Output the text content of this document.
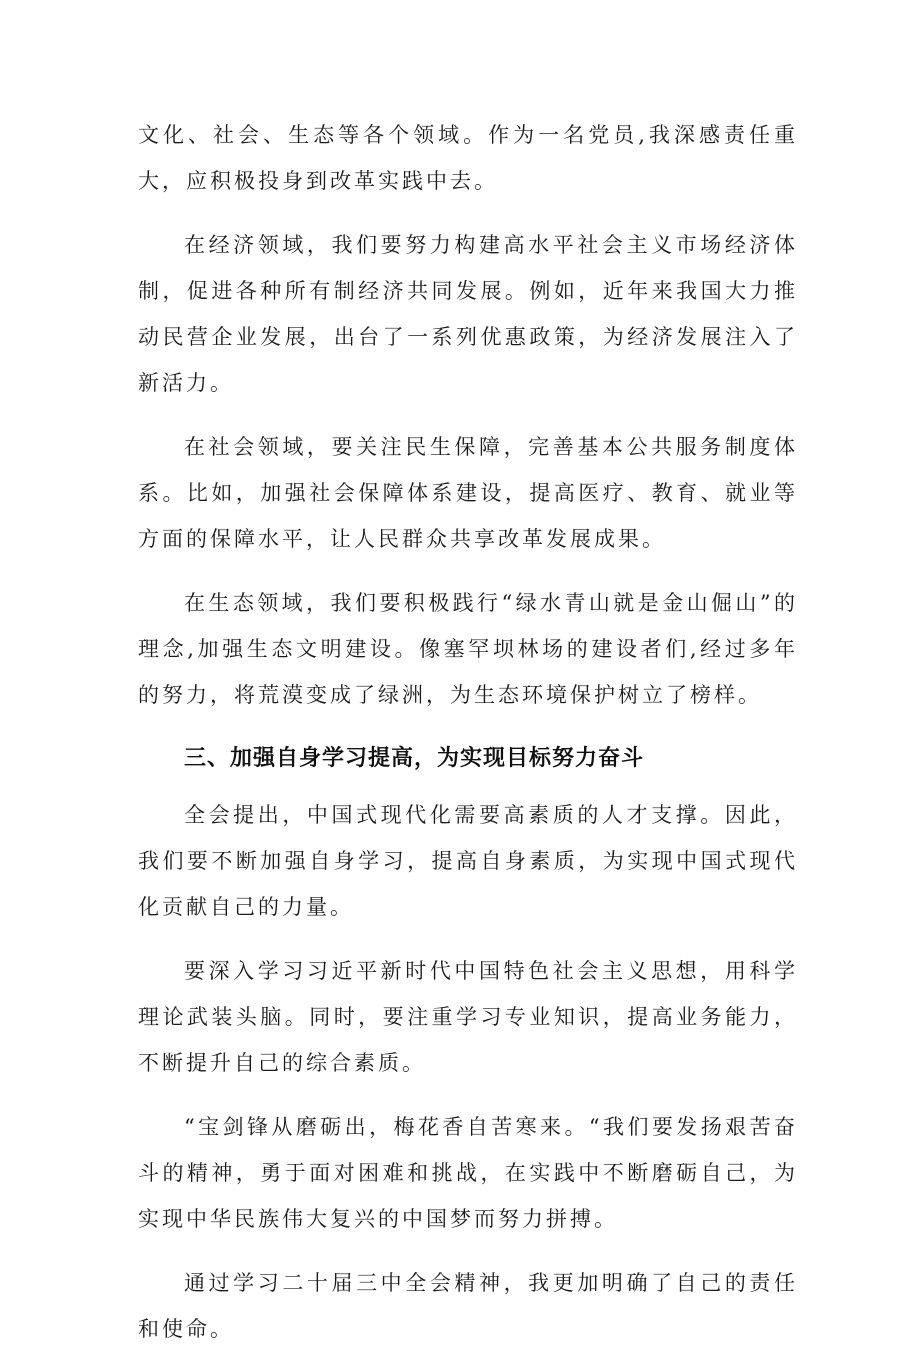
文化、社会、生态等各个领域。作为一名党员,我深感责任重大，应积极投身到改革实践中去。

在经济领域，我们要努力构建高水平社会主义市场经济体制，促进各种所有制经济共同发展。例如，近年来我国大力推动民营企业发展，出台了一系列优惠政策，为经济发展注入了新活力。

在社会领域，要关注民生保障，完善基本公共服务制度体系。比如，加强社会保障体系建设，提高医疗、教育、就业等方面的保障水平，让人民群众共享改革发展成果。

在生态领域，我们要积极践行“绿水青山就是金山倔山”的理念,加强生态文明建设。像塞罕坝林场的建设者们,经过多年的努力，将荒漠变成了绿洲，为生态环境保护树立了榜样。

三、加强自身学习提高，为实现目标努力奋斗

全会提出，中国式现代化需要高素质的人才支撑。因此，我们要不断加强自身学习，提高自身素质，为实现中国式现代化贡献自己的力量。

要深入学习习近平新时代中国特色社会主义思想，用科学理论武装头脑。同时，要注重学习专业知识，提高业务能力，不断提升自己的综合素质。

“宝剑锋从磨砺出，梅花香自苦寒来。“我们要发扬艰苦奋斗的精神，勇于面对困难和挑战，在实践中不断磨砺自己，为实现中华民族伟大复兴的中国梦而努力拼搏。

通过学习二十届三中全会精神，我更加明确了自己的责任和使命。
